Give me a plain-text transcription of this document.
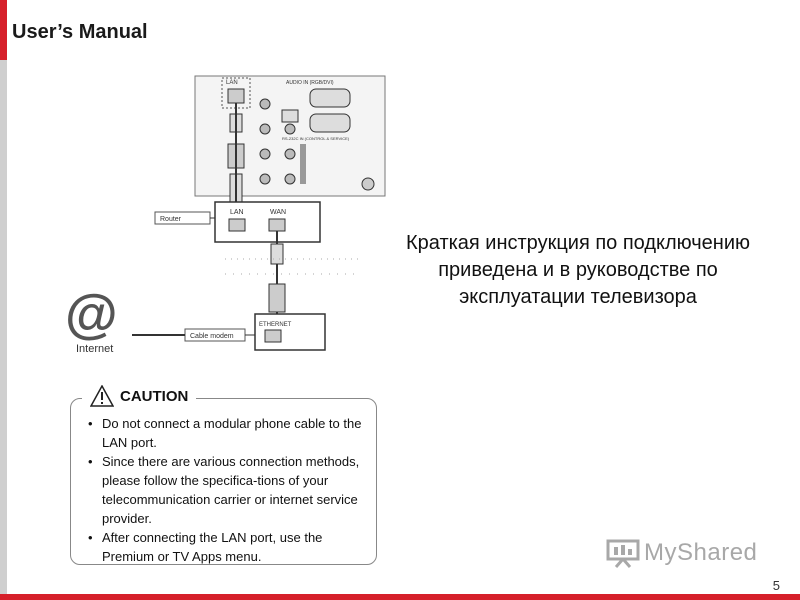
User’s Manual
LAN	AUDIO IN (RGB/DVI)
RS-232C IN (CONTROL & SERVICE)
LAN	WAN
Router
ETHERNET
Cable modem
@
Internet
Краткая инструкция по подключению
приведена и в руководстве по
эксплуатации телевизора
CAUTION
• Do not connect a modular phone cable to the LAN port.
• Since there are various connection methods, please follow the specifica-tions of your telecommunication carrier or internet service provider.
• After connecting the LAN port, use the Premium or TV Apps menu.	MyShared
5
